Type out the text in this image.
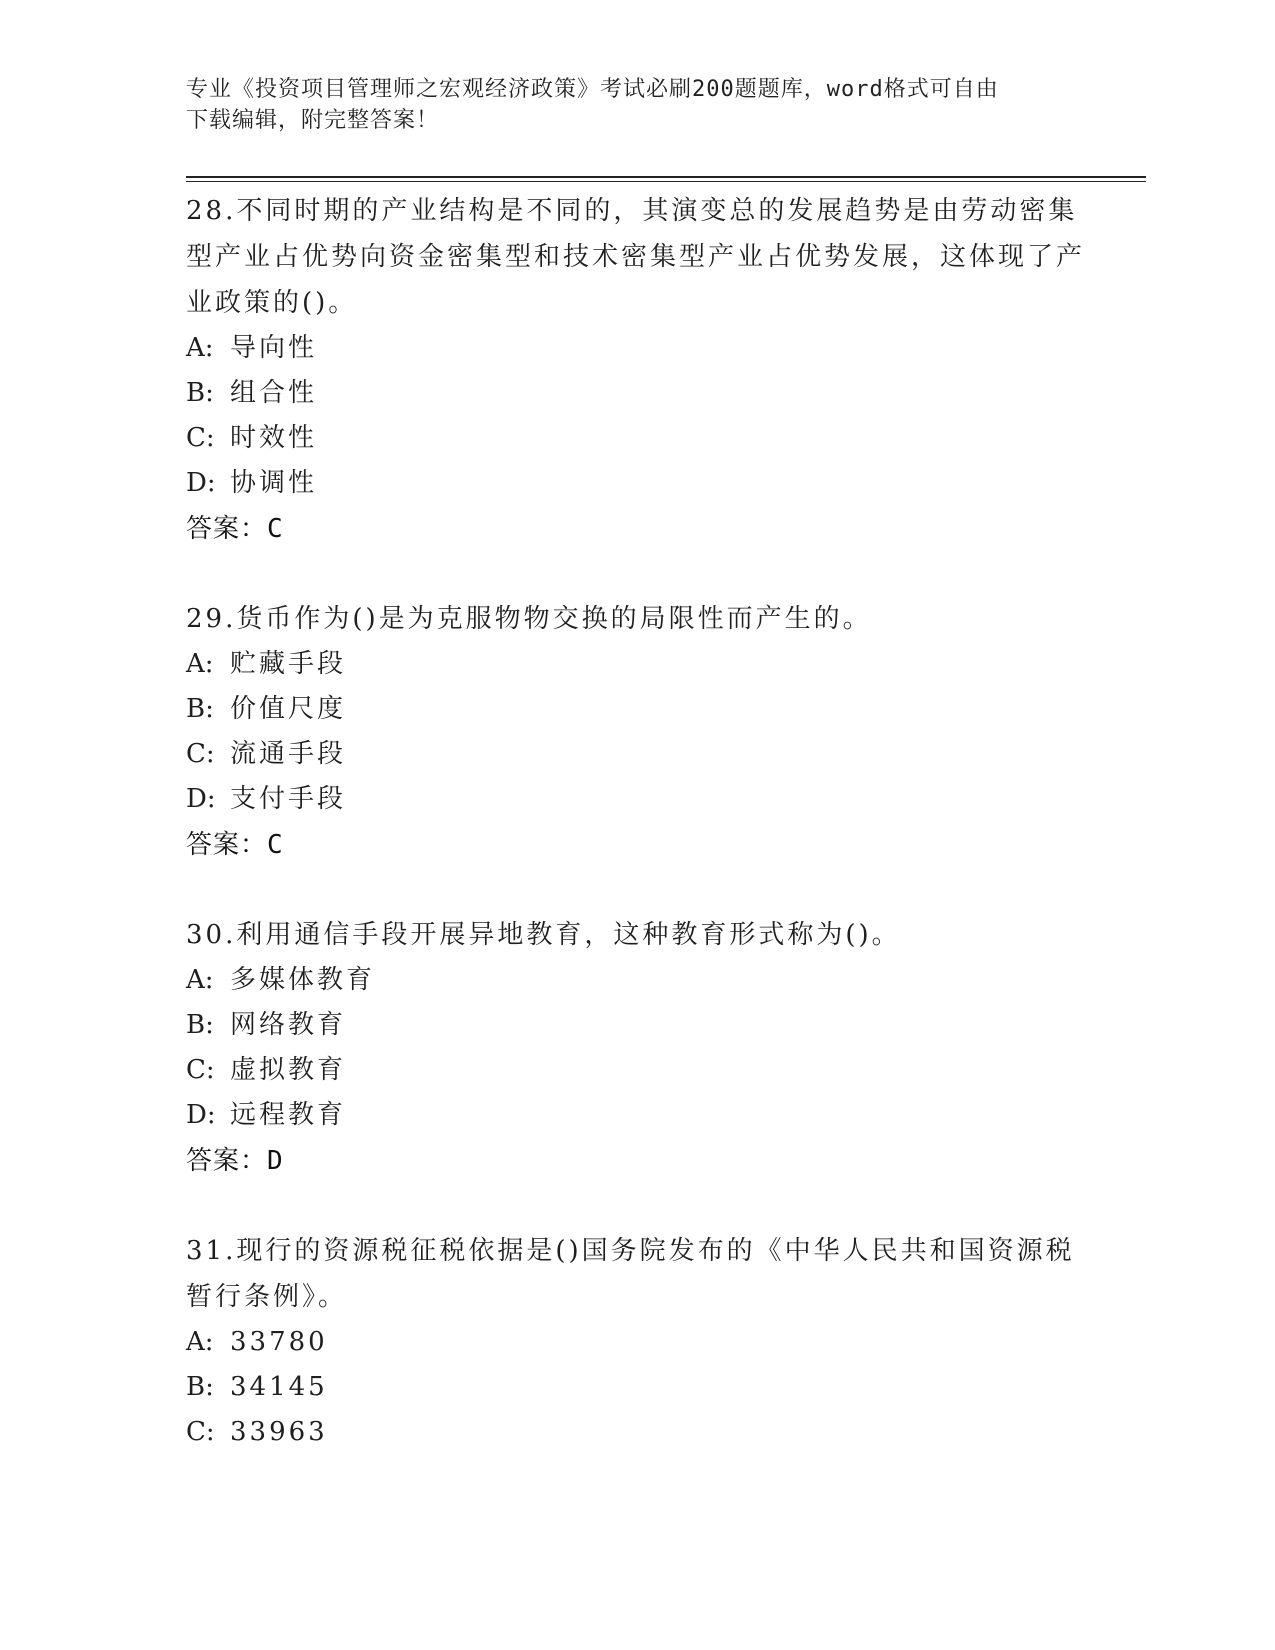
专业《投资项目管理师之宏观经济政策》考试必刷200题题库，word格式可自由
下载编辑，附完整答案！

28.不同时期的产业结构是不同的，其演变总的发展趋势是由劳动密集型产业占优势向资金密集型和技术密集型产业占优势发展，这体现了产业政策的()。

A: 导向性

B: 组合性

C: 时效性

D: 协调性

答案：C

29.货币作为()是为克服物物交换的局限性而产生的。

A: 贮藏手段

B: 价值尺度

C: 流通手段

D: 支付手段

答案：C

30.利用通信手段开展异地教育，这种教育形式称为()。

A: 多媒体教育

B: 网络教育

C: 虚拟教育

D: 远程教育

答案：D

31.现行的资源税征税依据是()国务院发布的《中华人民共和国资源税暂行条例》。

A: 33780

B: 34145

C: 33963
